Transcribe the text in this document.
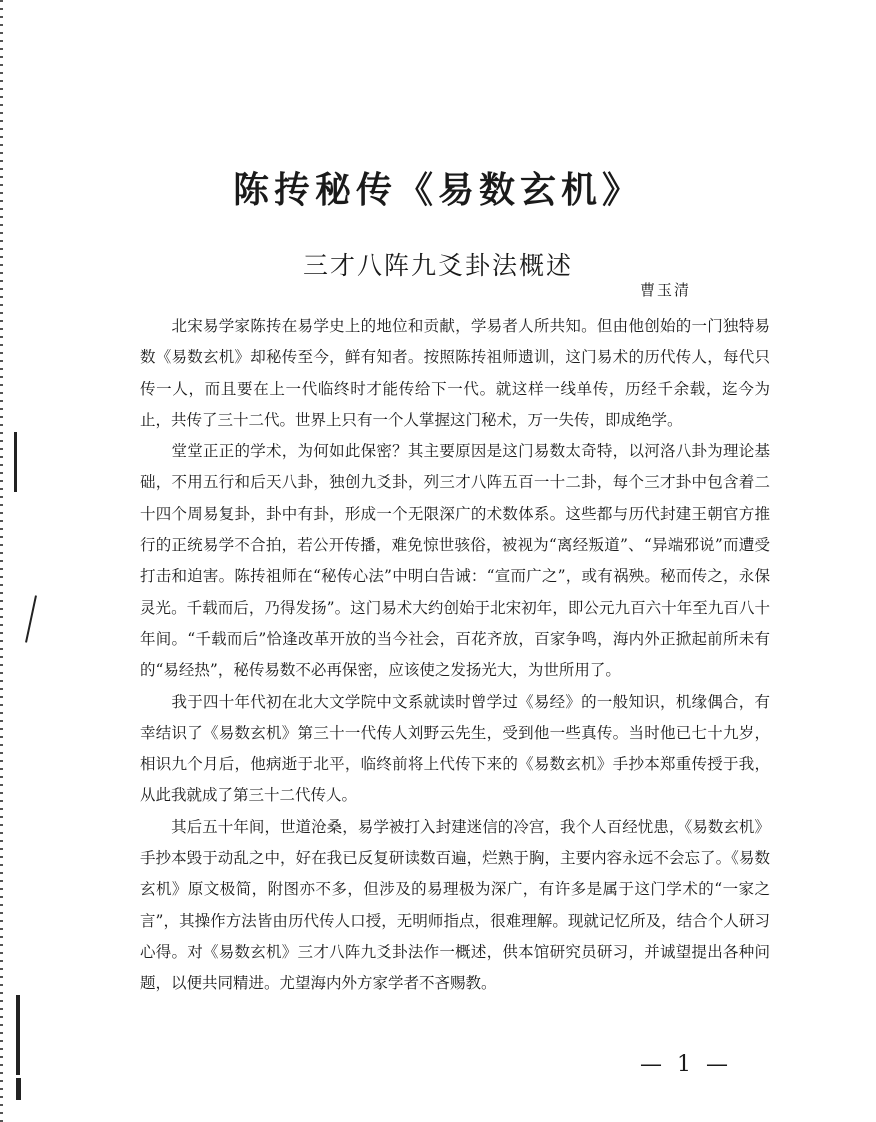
陈抟秘传《易数玄机》
三才八阵九爻卦法概述
曹玉清

　　北宋易学家陈抟在易学史上的地位和贡献，学易者人所共知。但由他创始的一门独特易数《易数玄机》却秘传至今，鲜有知者。按照陈抟祖师遗训，这门易术的历代传人，每代只传一人，而且要在上一代临终时才能传给下一代。就这样一线单传，历经千余载，迄今为止，共传了三十二代。世界上只有一个人掌握这门秘术，万一失传，即成绝学。

　　堂堂正正的学术，为何如此保密？其主要原因是这门易数太奇特，以河洛八卦为理论基础，不用五行和后天八卦，独创九爻卦，列三才八阵五百一十二卦，每个三才卦中包含着二十四个周易复卦，卦中有卦，形成一个无限深广的术数体系。这些都与历代封建王朝官方推行的正统易学不合拍，若公开传播，难免惊世骇俗，被视为“离经叛道”、“异端邪说”而遭受打击和迫害。陈抟祖师在“秘传心法”中明白告诫：“宣而广之”，或有祸殃。秘而传之，永保灵光。千载而后，乃得发扬”。这门易术大约创始于北宋初年，即公元九百六十年至九百八十年间。“千载而后”恰逢改革开放的当今社会，百花齐放，百家争鸣，海内外正掀起前所未有的“易经热”，秘传易数不必再保密，应该使之发扬光大，为世所用了。

　　我于四十年代初在北大文学院中文系就读时曾学过《易经》的一般知识，机缘偶合，有幸结识了《易数玄机》第三十一代传人刘野云先生，受到他一些真传。当时他已七十九岁，相识九个月后，他病逝于北平，临终前将上代传下来的《易数玄机》手抄本郑重传授于我，从此我就成了第三十二代传人。

　　其后五十年间，世道沧桑，易学被打入封建迷信的冷宫，我个人百经忧患，《易数玄机》手抄本毁于动乱之中，好在我已反复研读数百遍，烂熟于胸，主要内容永远不会忘了。《易数玄机》原文极简，附图亦不多，但涉及的易理极为深广，有许多是属于这门学术的“一家之言”，其操作方法皆由历代传人口授，无明师指点，很难理解。现就记忆所及，结合个人研习心得。对《易数玄机》三才八阵九爻卦法作一概述，供本馆研究员研习，并诚望提出各种问题，以便共同精进。尤望海内外方家学者不吝赐教。

— 1 —
